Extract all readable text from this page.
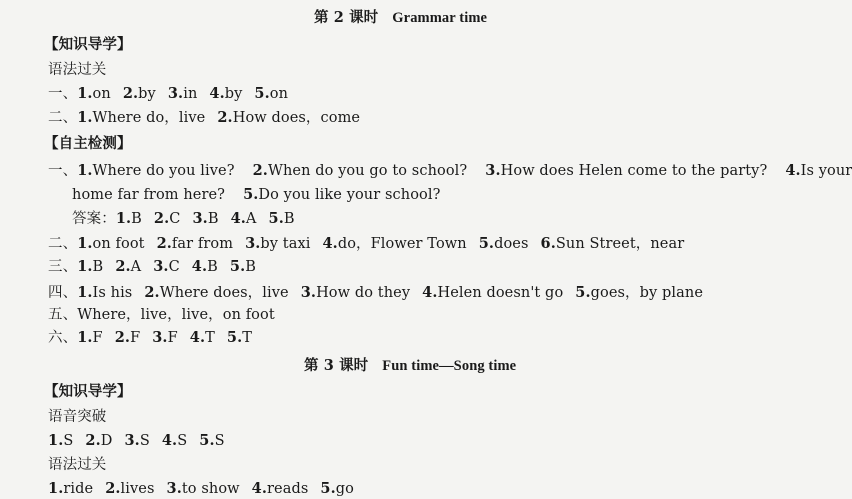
第 2 课时 Grammar time
【知识导学】
语法过关
一、1.on 2.by 3.in 4.by 5.on
二、1.Where do，live 2.How does，come
【自主检测】
一、1.Where do you live? 2.When do you go to school? 3.How does Helen come to the party? 4.Is your
home far from here? 5.Do you like your school?
答案：1.B 2.C 3.B 4.A 5.B
二、1.on foot 2.far from 3.by taxi 4.do，Flower Town 5.does 6.Sun Street，near
三、1.B 2.A 3.C 4.B 5.B
四、1.Is his 2.Where does，live 3.How do they 4.Helen doesn't go 5.goes，by plane
五、Where，live，live，on foot
六、1.F 2.F 3.F 4.T 5.T
第 3 课时 Fun time—Song time
【知识导学】
语音突破
1.S 2.D 3.S 4.S 5.S
语法过关
1.ride 2.lives 3.to show 4.reads 5.go
